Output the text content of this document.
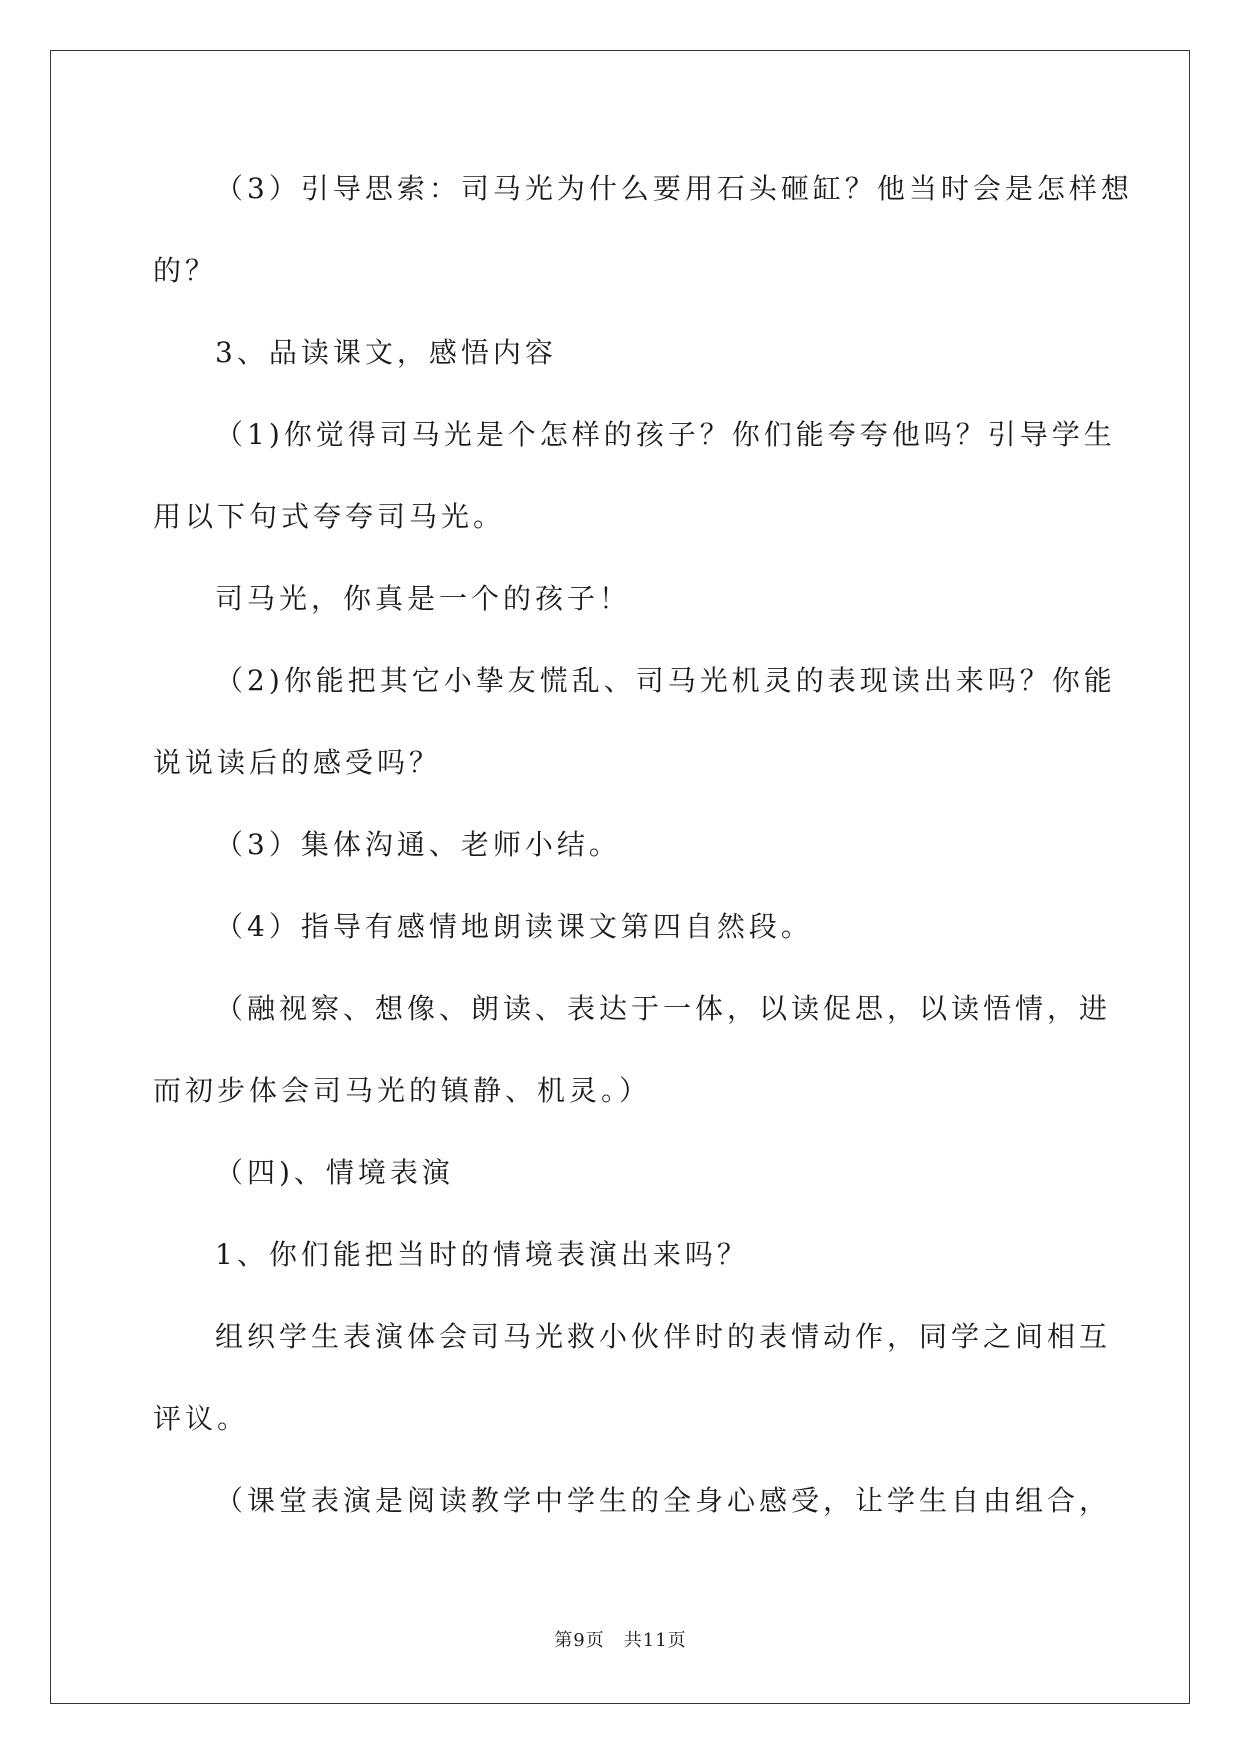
（3）引导思索：司马光为什么要用石头砸缸？他当时会是怎样想
的？
3、品读课文，感悟内容
（1)你觉得司马光是个怎样的孩子？你们能夸夸他吗？引导学生
用以下句式夸夸司马光。
司马光，你真是一个的孩子！
（2)你能把其它小挚友慌乱、司马光机灵的表现读出来吗？你能
说说读后的感受吗？
（3）集体沟通、老师小结。
（4）指导有感情地朗读课文第四自然段。
（融视察、想像、朗读、表达于一体，以读促思，以读悟情，进
而初步体会司马光的镇静、机灵。）
（四)、情境表演
1、你们能把当时的情境表演出来吗？
组织学生表演体会司马光救小伙伴时的表情动作，同学之间相互
评议。
（课堂表演是阅读教学中学生的全身心感受，让学生自由组合，
第9页　共11页
